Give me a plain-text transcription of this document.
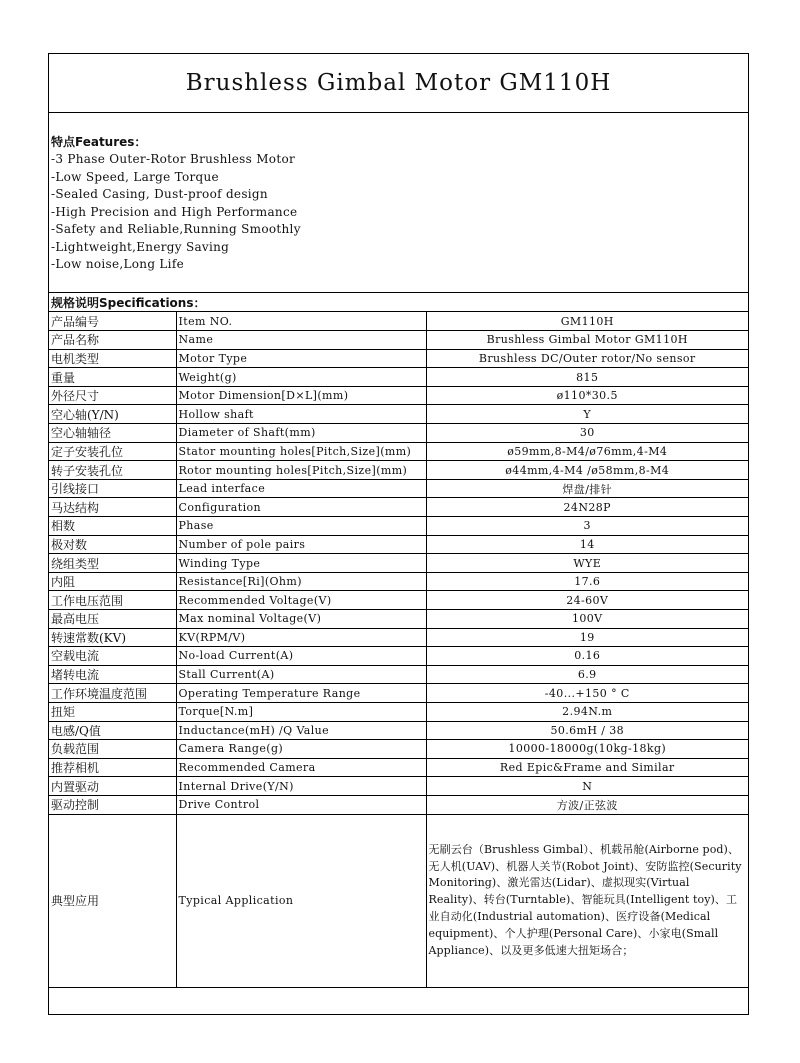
Brushless Gimbal Motor GM110H
特点Features：
-3 Phase Outer-Rotor Brushless Motor
-Low Speed, Large Torque
-Sealed Casing, Dust-proof design
-High Precision and High Performance
-Safety and Reliable,Running Smoothly
-Lightweight,Energy Saving
-Low noise,Long Life
规格说明Specifications：
产品编号	Item NO.	GM110H
产品名称	Name	Brushless Gimbal Motor GM110H
电机类型	Motor Type	Brushless DC/Outer rotor/No sensor
重量	Weight(g)	815
外径尺寸	Motor Dimension[D×L](mm)	ø110*30.5
空心轴(Y/N)	Hollow shaft	Y
空心轴轴径	Diameter of Shaft(mm)	30
定子安装孔位	Stator mounting holes[Pitch,Size](mm)	ø59mm,8-M4/ø76mm,4-M4
转子安装孔位	Rotor mounting holes[Pitch,Size](mm)	ø44mm,4-M4 /ø58mm,8-M4
引线接口	Lead interface	焊盘/排针
马达结构	Configuration	24N28P
相数	Phase	3
极对数	Number of pole pairs	14
绕组类型	Winding Type	WYE
内阻	Resistance[Ri](Ohm)	17.6
工作电压范围	Recommended Voltage(V)	24-60V
最高电压	Max nominal Voltage(V)	100V
转速常数(KV)	KV(RPM/V)	19
空载电流	No-load Current(A)	0.16
堵转电流	Stall Current(A)	6.9
工作环境温度范围	Operating Temperature Range	-40...+150 ° C
扭矩	Torque[N.m]	2.94N.m
电感/Q值	Inductance(mH) /Q Value	50.6mH / 38
负载范围	Camera Range(g)	10000-18000g(10kg-18kg)
推荐相机	Recommended Camera	Red Epic&Frame and Similar
内置驱动	Internal Drive(Y/N)	N
驱动控制	Drive Control	方波/正弦波
典型应用	Typical Application	无刷云台（Brushless Gimbal）、机载吊舱(Airborne pod)、无人机(UAV)、机器人关节(Robot Joint)、安防监控(Security Monitoring)、激光雷达(Lidar)、虚拟现实(Virtual Reality)、转台(Turntable)、智能玩具(Intelligent toy)、工业自动化(Industrial automation)、医疗设备(Medical equipment)、个人护理(Personal Care)、小家电(Small Appliance)、以及更多低速大扭矩场合；
